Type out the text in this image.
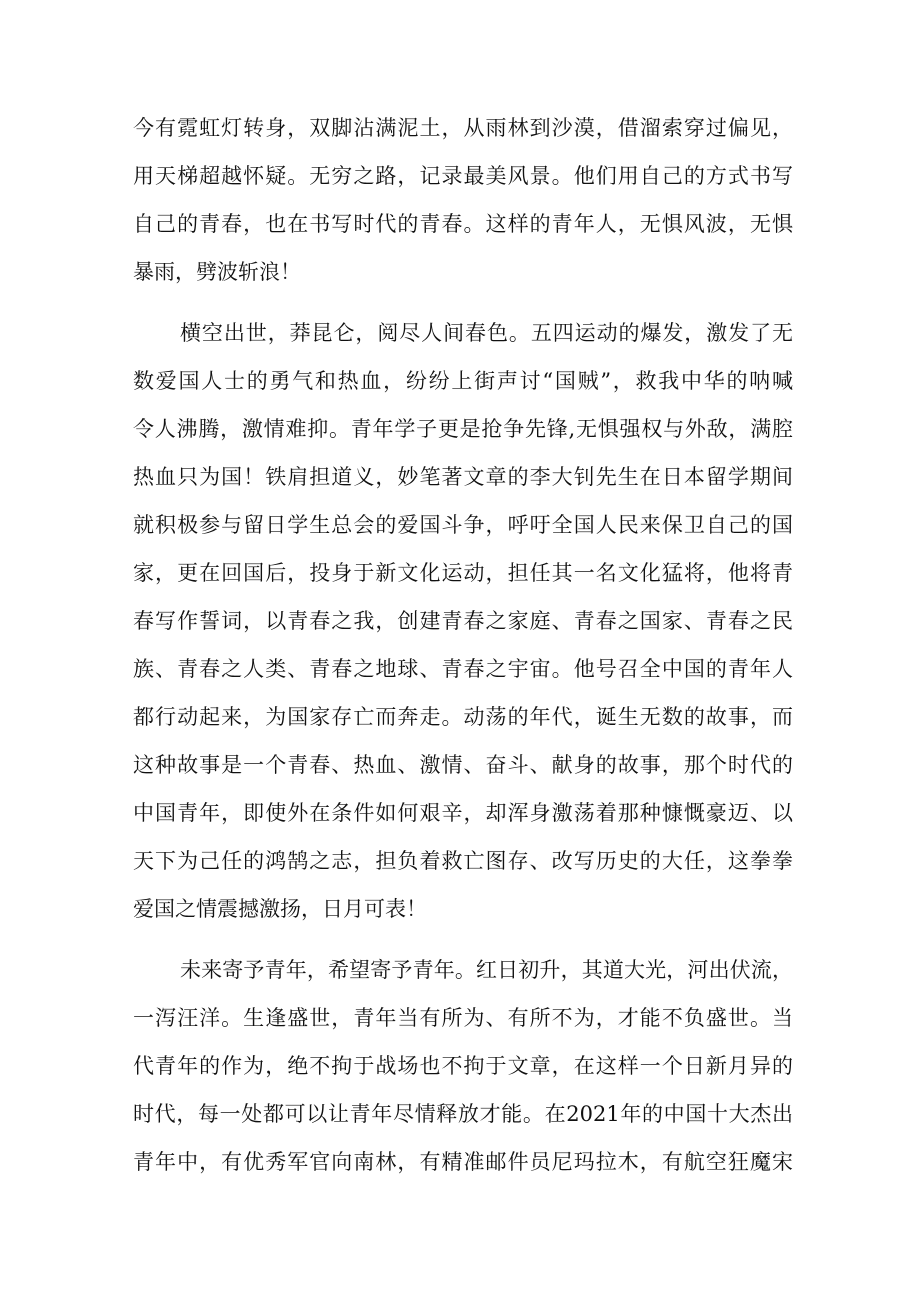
今有霓虹灯转身，双脚沾满泥土，从雨林到沙漠，借溜索穿过偏见，
用天梯超越怀疑。无穷之路，记录最美风景。他们用自己的方式书写
自己的青春，也在书写时代的青春。这样的青年人，无惧风波，无惧
暴雨，劈波斩浪！
横空出世，莽昆仑，阅尽人间春色。五四运动的爆发，激发了无
数爱国人士的勇气和热血，纷纷上街声讨“国贼”，救我中华的呐喊
令人沸腾，激情难抑。青年学子更是抢争先锋,无惧强权与外敌，满腔
热血只为国！铁肩担道义，妙笔著文章的李大钊先生在日本留学期间
就积极参与留日学生总会的爱国斗争，呼吁全国人民来保卫自己的国
家，更在回国后，投身于新文化运动，担任其一名文化猛将，他将青
春写作誓词，以青春之我，创建青春之家庭、青春之国家、青春之民
族、青春之人类、青春之地球、青春之宇宙。他号召全中国的青年人
都行动起来，为国家存亡而奔走。动荡的年代，诞生无数的故事，而
这种故事是一个青春、热血、激情、奋斗、献身的故事，那个时代的
中国青年，即使外在条件如何艰辛，却浑身激荡着那种慷慨豪迈、以
天下为己任的鸿鹄之志，担负着救亡图存、改写历史的大任，这拳拳
爱国之情震撼激扬，日月可表！
未来寄予青年，希望寄予青年。红日初升，其道大光，河出伏流，
一泻汪洋。生逢盛世，青年当有所为、有所不为，才能不负盛世。当
代青年的作为，绝不拘于战场也不拘于文章，在这样一个日新月异的
时代，每一处都可以让青年尽情释放才能。在2021年的中国十大杰出
青年中，有优秀军官向南林，有精准邮件员尼玛拉木，有航空狂魔宋
